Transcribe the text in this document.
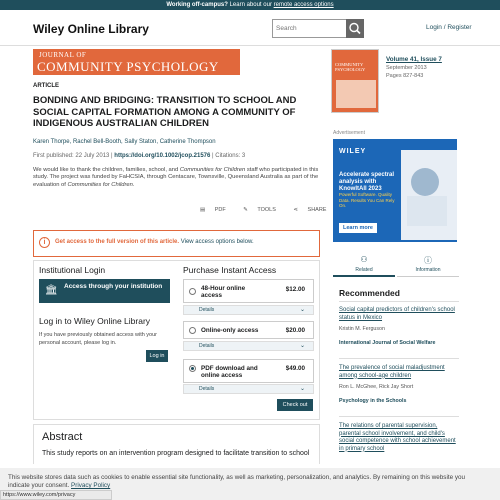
Working off-campus? Learn about our remote access options
Wiley Online Library
Search	Login / Register
JOURNAL OF
COMMUNITY PSYCHOLOGY
ARTICLE
BONDING AND BRIDGING: TRANSITION TO SCHOOL AND SOCIAL CAPITAL FORMATION AMONG A COMMUNITY OF INDIGENOUS AUSTRALIAN CHILDREN
Karen Thorpe, Rachel Bell-Booth, Sally Staton, Catherine Thompson
First published: 22 July 2013 | https://doi.org/10.1002/jcop.21576 | Citations: 3
We would like to thank the children, families, school, and Communities for Children staff who participated in this study. The project was funded by FaHCSIA, through Centacare, Townsville, Queensland Australia as part of the evaluation of Communities for Children.
▤ PDF	✎ TOOLS	⋖ SHARE
i	Get access to the full version of this article. View access options below.
Institutional Login
🏛 Access through your institution
Log in to Wiley Online Library
If you have previously obtained access with your personal account, please log in.
Log in
Purchase Instant Access
48-Hour online access
$12.00
Details	⌄
Online-only access	$20.00
Details	⌄
PDF download and online access
$49.00
Details	⌄
Check out
Abstract
This study reports on an intervention program designed to facilitate transition to school
COMMUNITY PSYCHOLOGY
Volume 41, Issue 7
September 2013
Pages 827-843
Advertisement
WILEY
Accelerate spectral analysis with KnowItAll 2023
Powerful Software. Quality Data. Results You Can Rely On.
Learn more
⚇
Related
ⓘ
Information
Recommended
Social capital predictors of children's school status in Mexico
Kristin M. Ferguson
International Journal of Social Welfare
The prevalence of social maladjustment among school-age children
Ron L. McGhee, Rick Jay Short
Psychology in the Schools
The relations of parental supervision, parental school involvement, and child's social competence with school achievement in primary school
This website stores data such as cookies to enable essential site functionality, as well as marketing, personalization, and analytics. By remaining on this website you indicate your consent. Privacy Policy
https://www.wiley.com/privacy
